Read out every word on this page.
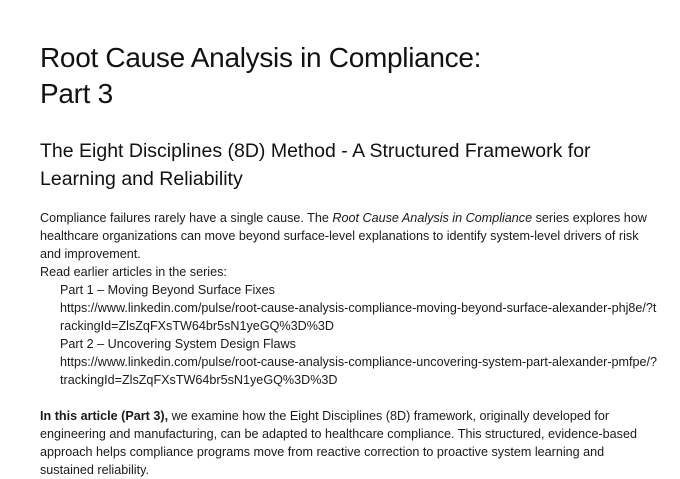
Root Cause Analysis in Compliance:
Part 3
The Eight Disciplines (8D) Method - A Structured Framework for Learning and Reliability

Compliance failures rarely have a single cause. The Root Cause Analysis in Compliance series explores how healthcare organizations can move beyond surface-level explanations to identify system-level drivers of risk and improvement.

Read earlier articles in the series:

Part 1 – Moving Beyond Surface Fixes
https://www.linkedin.com/pulse/root-cause-analysis-compliance-moving-beyond-surface-alexander-phj8e/?trackingId=ZlsZqFXsTW64br5sN1yeGQ%3D%3D
Part 2 – Uncovering System Design Flaws
https://www.linkedin.com/pulse/root-cause-analysis-compliance-uncovering-system-part-alexander-pmfpe/?trackingId=ZlsZqFXsTW64br5sN1yeGQ%3D%3D

In this article (Part 3), we examine how the Eight Disciplines (8D) framework, originally developed for engineering and manufacturing, can be adapted to healthcare compliance. This structured, evidence-based approach helps compliance programs move from reactive correction to proactive system learning and sustained reliability.
